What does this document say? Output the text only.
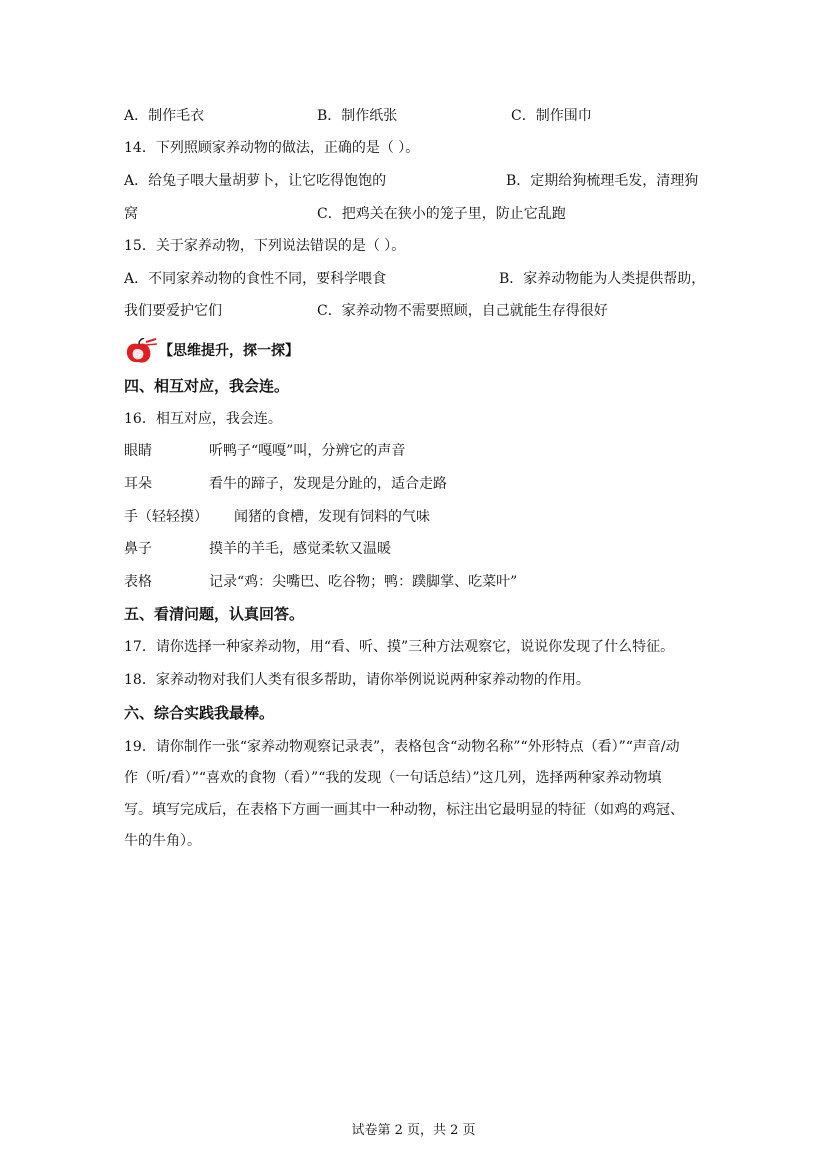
A．制作毛衣	B．制作纸张	C．制作围巾
14．下列照顾家养动物的做法，正确的是（ ）。
A．给兔子喂大量胡萝卜，让它吃得饱饱的	B．定期给狗梳理毛发，清理狗
窝	C．把鸡关在狭小的笼子里，防止它乱跑
15．关于家养动物，下列说法错误的是（ ）。
A．不同家养动物的食性不同，要科学喂食	B．家养动物能为人类提供帮助，
我们要爱护它们	C．家养动物不需要照顾，自己就能生存得很好
【思维提升，探一探】
四、相互对应，我会连。
16．相互对应，我会连。
眼睛	听鸭子“嘎嘎”叫，分辨它的声音
耳朵	看牛的蹄子，发现是分趾的，适合走路
手（轻轻摸） 闻猪的食槽，发现有饲料的气味
鼻子	摸羊的羊毛，感觉柔软又温暖
表格	记录“鸡：尖嘴巴、吃谷物；鸭：蹼脚掌、吃菜叶”
五、看清问题，认真回答。
17．请你选择一种家养动物，用“看、听、摸”三种方法观察它，说说你发现了什么特征。
18．家养动物对我们人类有很多帮助，请你举例说说两种家养动物的作用。
六、综合实践我最棒。
19．请你制作一张“家养动物观察记录表”，表格包含“动物名称”“外形特点（看）”“声音/动
作（听/看）”“喜欢的食物（看）”“我的发现（一句话总结）”这几列，选择两种家养动物填
写。填写完成后，在表格下方画一画其中一种动物，标注出它最明显的特征（如鸡的鸡冠、
牛的牛角）。
试卷第 2 页，共 2 页
